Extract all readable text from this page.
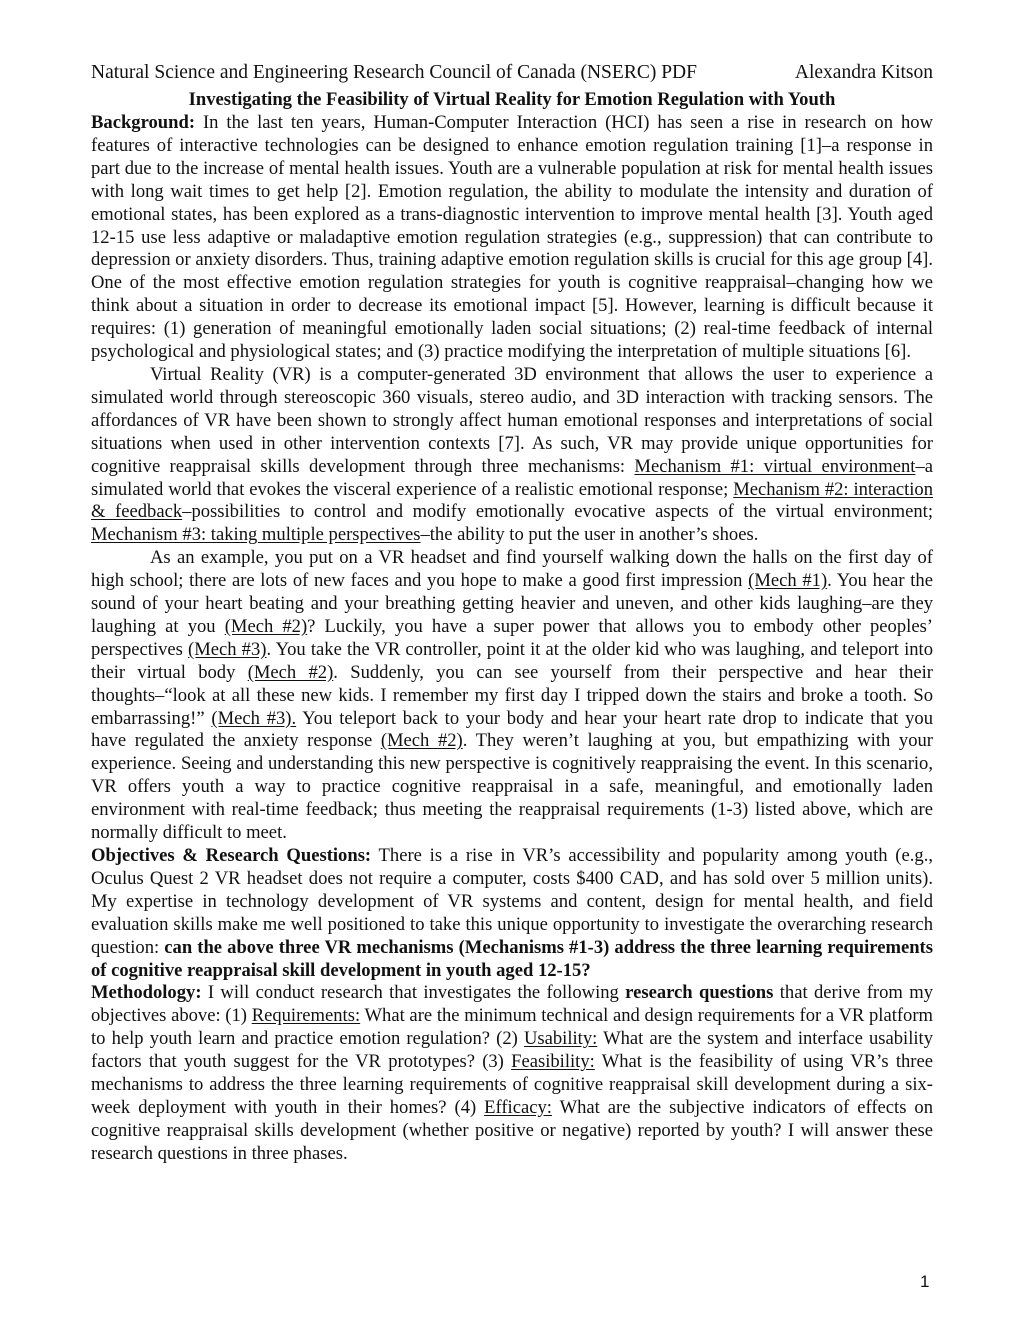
Natural Science and Engineering Research Council of Canada (NSERC) PDF	Alexandra Kitson
Investigating the Feasibility of Virtual Reality for Emotion Regulation with Youth

Background: In the last ten years, Human-Computer Interaction (HCI) has seen a rise in research on how features of interactive technologies can be designed to enhance emotion regulation training [1]–a response in part due to the increase of mental health issues. Youth are a vulnerable population at risk for mental health issues with long wait times to get help [2]. Emotion regulation, the ability to modulate the intensity and duration of emotional states, has been explored as a trans-diagnostic intervention to improve mental health [3]. Youth aged 12-15 use less adaptive or maladaptive emotion regulation strategies (e.g., suppression) that can contribute to depression or anxiety disorders. Thus, training adaptive emotion regulation skills is crucial for this age group [4]. One of the most effective emotion regulation strategies for youth is cognitive reappraisal–changing how we think about a situation in order to decrease its emotional impact [5]. However, learning is difficult because it requires: (1) generation of meaningful emotionally laden social situations; (2) real-time feedback of internal psychological and physiological states; and (3) practice modifying the interpretation of multiple situations [6].

Virtual Reality (VR) is a computer-generated 3D environment that allows the user to experience a simulated world through stereoscopic 360 visuals, stereo audio, and 3D interaction with tracking sensors. The affordances of VR have been shown to strongly affect human emotional responses and interpretations of social situations when used in other intervention contexts [7]. As such, VR may provide unique opportunities for cognitive reappraisal skills development through three mechanisms: Mechanism #1: virtual environment–a simulated world that evokes the visceral experience of a realistic emotional response; Mechanism #2: interaction & feedback–possibilities to control and modify emotionally evocative aspects of the virtual environment; Mechanism #3: taking multiple perspectives–the ability to put the user in another’s shoes.

As an example, you put on a VR headset and find yourself walking down the halls on the first day of high school; there are lots of new faces and you hope to make a good first impression (Mech #1). You hear the sound of your heart beating and your breathing getting heavier and uneven, and other kids laughing–are they laughing at you (Mech #2)? Luckily, you have a super power that allows you to embody other peoples’ perspectives (Mech #3). You take the VR controller, point it at the older kid who was laughing, and teleport into their virtual body (Mech #2). Suddenly, you can see yourself from their perspective and hear their thoughts–“look at all these new kids. I remember my first day I tripped down the stairs and broke a tooth. So embarrassing!” (Mech #3). You teleport back to your body and hear your heart rate drop to indicate that you have regulated the anxiety response (Mech #2). They weren’t laughing at you, but empathizing with your experience. Seeing and understanding this new perspective is cognitively reappraising the event. In this scenario, VR offers youth a way to practice cognitive reappraisal in a safe, meaningful, and emotionally laden environment with real-time feedback; thus meeting the reappraisal requirements (1-3) listed above, which are normally difficult to meet.

Objectives & Research Questions: There is a rise in VR’s accessibility and popularity among youth (e.g., Oculus Quest 2 VR headset does not require a computer, costs $400 CAD, and has sold over 5 million units). My expertise in technology development of VR systems and content, design for mental health, and field evaluation skills make me well positioned to take this unique opportunity to investigate the overarching research question: can the above three VR mechanisms (Mechanisms #1-3) address the three learning requirements of cognitive reappraisal skill development in youth aged 12-15?

Methodology: I will conduct research that investigates the following research questions that derive from my objectives above: (1) Requirements: What are the minimum technical and design requirements for a VR platform to help youth learn and practice emotion regulation? (2) Usability: What are the system and interface usability factors that youth suggest for the VR prototypes? (3) Feasibility: What is the feasibility of using VR’s three mechanisms to address the three learning requirements of cognitive reappraisal skill development during a six-week deployment with youth in their homes? (4) Efficacy: What are the subjective indicators of effects on cognitive reappraisal skills development (whether positive or negative) reported by youth? I will answer these research questions in three phases.

1
